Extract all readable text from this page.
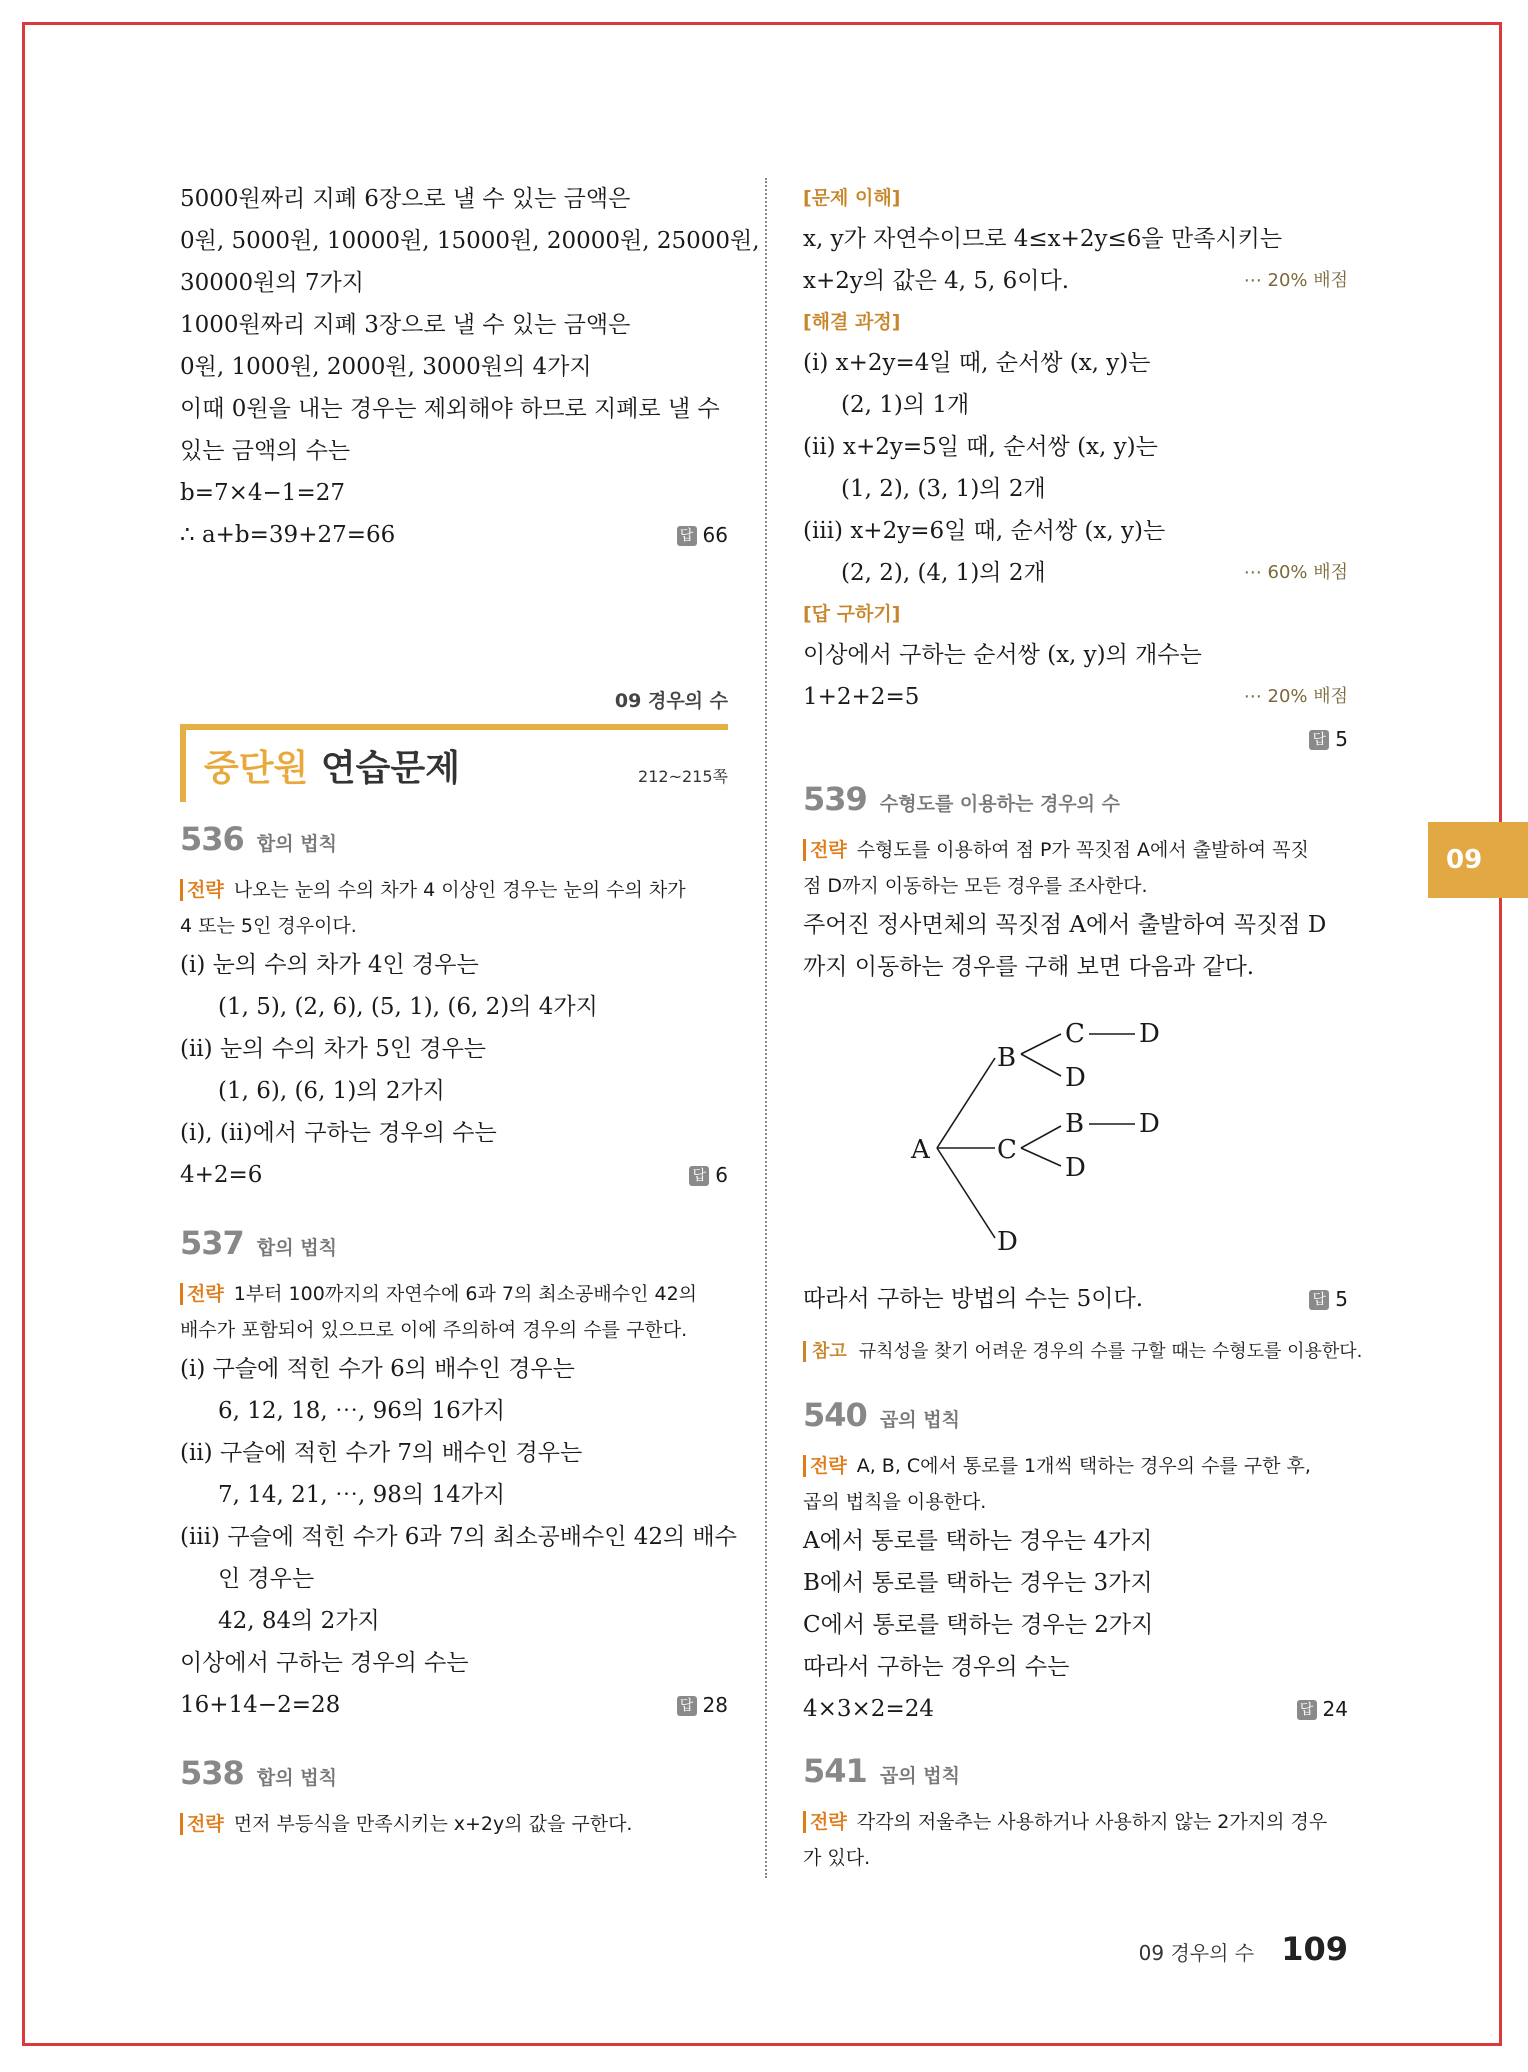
09
5000원짜리 지폐 6장으로 낼 수 있는 금액은
0원, 5000원, 10000원, 15000원, 20000원, 25000원,
30000원의 7가지
1000원짜리 지폐 3장으로 낼 수 있는 금액은
0원, 1000원, 2000원, 3000원의 4가지
이때 0원을 내는 경우는 제외해야 하므로 지폐로 낼 수
있는 금액의 수는
b=7×4−1=27
∴ a+b=39+27=66	답 66
09 경우의 수
중단원 연습문제	212~215쪽
536 합의 법칙
전략 나오는 눈의 수의 차가 4 이상인 경우는 눈의 수의 차가
4 또는 5인 경우이다.
(ⅰ) 눈의 수의 차가 4인 경우는
(1, 5), (2, 6), (5, 1), (6, 2)의 4가지
(ⅱ) 눈의 수의 차가 5인 경우는
(1, 6), (6, 1)의 2가지
(ⅰ), (ⅱ)에서 구하는 경우의 수는
4+2=6	답 6
537 합의 법칙
전략 1부터 100까지의 자연수에 6과 7의 최소공배수인 42의
배수가 포함되어 있으므로 이에 주의하여 경우의 수를 구한다.
(ⅰ) 구슬에 적힌 수가 6의 배수인 경우는
6, 12, 18, ⋯, 96의 16가지
(ⅱ) 구슬에 적힌 수가 7의 배수인 경우는
7, 14, 21, ⋯, 98의 14가지
(ⅲ) 구슬에 적힌 수가 6과 7의 최소공배수인 42의 배수
인 경우는
42, 84의 2가지
이상에서 구하는 경우의 수는
16+14−2=28	답 28
538 합의 법칙
전략 먼저 부등식을 만족시키는 x+2y의 값을 구한다.
[문제 이해]
x, y가 자연수이므로 4≤x+2y≤6을 만족시키는
x+2y의 값은 4, 5, 6이다.	⋯ 20% 배점
[해결 과정]
(ⅰ) x+2y=4일 때, 순서쌍 (x, y)는
(2, 1)의 1개
(ⅱ) x+2y=5일 때, 순서쌍 (x, y)는
(1, 2), (3, 1)의 2개
(ⅲ) x+2y=6일 때, 순서쌍 (x, y)는
(2, 2), (4, 1)의 2개	⋯ 60% 배점
[답 구하기]
이상에서 구하는 순서쌍 (x, y)의 개수는
1+2+2=5	⋯ 20% 배점
답 5
539 수형도를 이용하는 경우의 수
전략 수형도를 이용하여 점 P가 꼭짓점 A에서 출발하여 꼭짓
점 D까지 이동하는 모든 경우를 조사한다.
주어진 정사면체의 꼭짓점 A에서 출발하여 꼭짓점 D
까지 이동하는 경우를 구해 보면 다음과 같다.
A
B
C
D
C
D
D
B
D
D
따라서 구하는 방법의 수는 5이다.	답 5
참고 규칙성을 찾기 어려운 경우의 수를 구할 때는 수형도를 이용한다.
540 곱의 법칙
전략 A, B, C에서 통로를 1개씩 택하는 경우의 수를 구한 후,
곱의 법칙을 이용한다.
A에서 통로를 택하는 경우는 4가지
B에서 통로를 택하는 경우는 3가지
C에서 통로를 택하는 경우는 2가지
따라서 구하는 경우의 수는
4×3×2=24	답 24
541 곱의 법칙
전략 각각의 저울추는 사용하거나 사용하지 않는 2가지의 경우
가 있다.
09 경우의 수 109
